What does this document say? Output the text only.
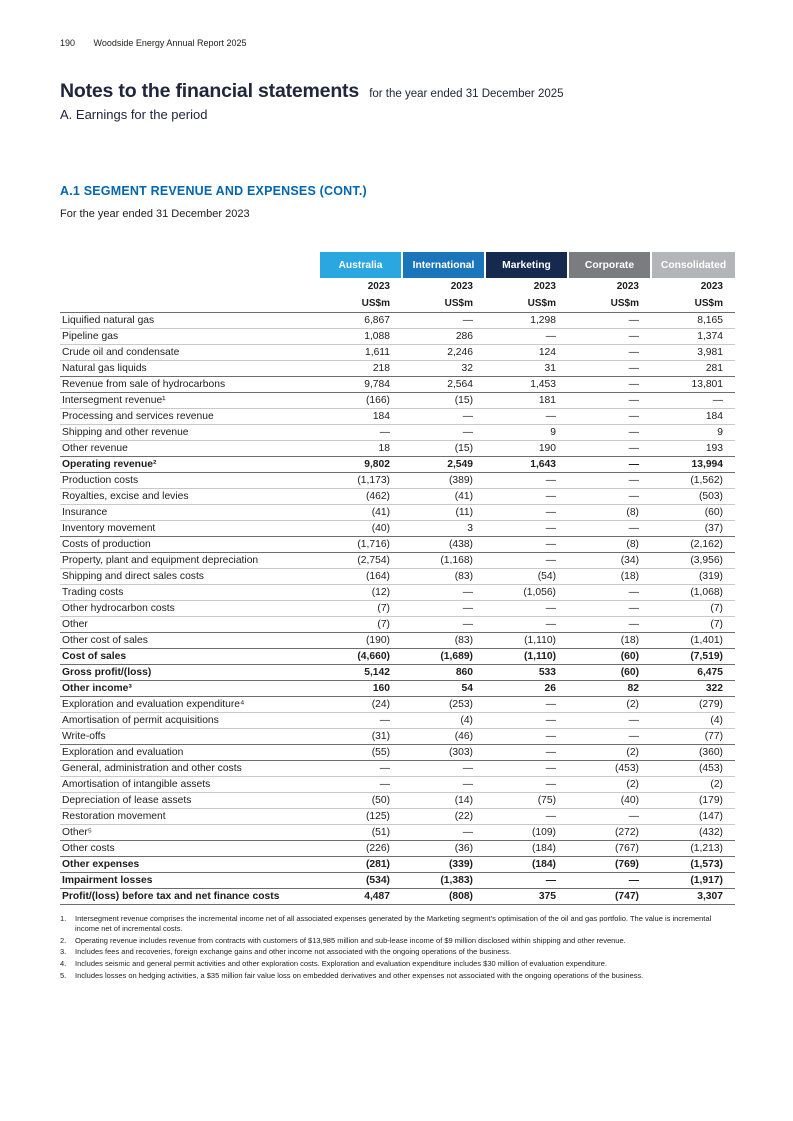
190 Woodside Energy Annual Report 2025
Notes to the financial statements for the year ended 31 December 2025
A. Earnings for the period
A.1 SEGMENT REVENUE AND EXPENSES (CONT.)
For the year ended 31 December 2023
	Australia	International	Marketing	Corporate	Consolidated
	2023	2023	2023	2023	2023
	US$m	US$m	US$m	US$m	US$m
Liquified natural gas	6,867	—	1,298	—	8,165
Pipeline gas	1,088	286	—	—	1,374
Crude oil and condensate	1,611	2,246	124	—	3,981
Natural gas liquids	218	32	31	—	281
Revenue from sale of hydrocarbons	9,784	2,564	1,453	—	13,801
Intersegment revenue¹	(166)	(15)	181	—	—
Processing and services revenue	184	—	—	—	184
Shipping and other revenue	—	—	9	—	9
Other revenue	18	(15)	190	—	193
Operating revenue²	9,802	2,549	1,643	—	13,994
Production costs	(1,173)	(389)	—	—	(1,562)
Royalties, excise and levies	(462)	(41)	—	—	(503)
Insurance	(41)	(11)	—	(8)	(60)
Inventory movement	(40)	3	—	—	(37)
Costs of production	(1,716)	(438)	—	(8)	(2,162)
Property, plant and equipment depreciation	(2,754)	(1,168)	—	(34)	(3,956)
Shipping and direct sales costs	(164)	(83)	(54)	(18)	(319)
Trading costs	(12)	—	(1,056)	—	(1,068)
Other hydrocarbon costs	(7)	—	—	—	(7)
Other	(7)	—	—	—	(7)
Other cost of sales	(190)	(83)	(1,110)	(18)	(1,401)
Cost of sales	(4,660)	(1,689)	(1,110)	(60)	(7,519)
Gross profit/(loss)	5,142	860	533	(60)	6,475
Other income³	160	54	26	82	322
Exploration and evaluation expenditure⁴	(24)	(253)	—	(2)	(279)
Amortisation of permit acquisitions	—	(4)	—	—	(4)
Write-offs	(31)	(46)	—	—	(77)
Exploration and evaluation	(55)	(303)	—	(2)	(360)
General, administration and other costs	—	—	—	(453)	(453)
Amortisation of intangible assets	—	—	—	(2)	(2)
Depreciation of lease assets	(50)	(14)	(75)	(40)	(179)
Restoration movement	(125)	(22)	—	—	(147)
Other⁵	(51)	—	(109)	(272)	(432)
Other costs	(226)	(36)	(184)	(767)	(1,213)
Other expenses	(281)	(339)	(184)	(769)	(1,573)
Impairment losses	(534)	(1,383)	—	—	(1,917)
Profit/(loss) before tax and net finance costs	4,487	(808)	375	(747)	3,307
1.	Intersegment revenue comprises the incremental income net of all associated expenses generated by the Marketing segment's optimisation of the oil and gas portfolio. The value is incremental income net of incremental costs.
2.	Operating revenue includes revenue from contracts with customers of $13,985 million and sub-lease income of $9 million disclosed within shipping and other revenue.
3.	Includes fees and recoveries, foreign exchange gains and other income not associated with the ongoing operations of the business.
4.	Includes seismic and general permit activities and other exploration costs. Exploration and evaluation expenditure includes $30 million of evaluation expenditure.
5.	Includes losses on hedging activities, a $35 million fair value loss on embedded derivatives and other expenses not associated with the ongoing operations of the business.
